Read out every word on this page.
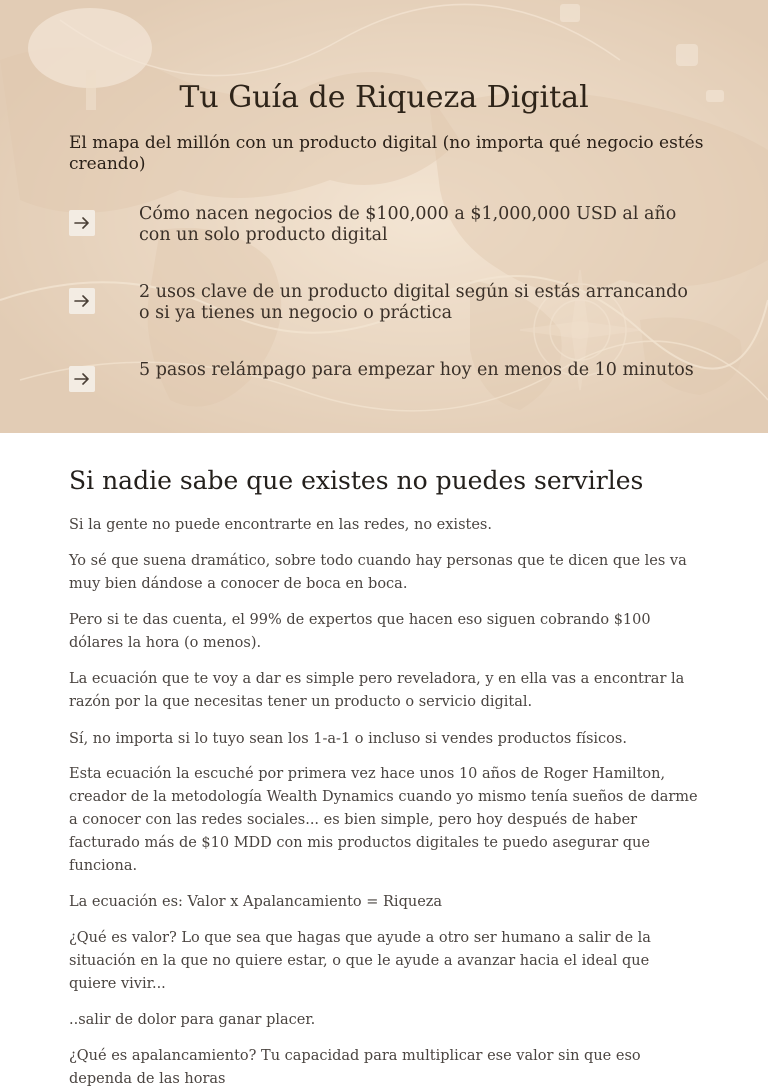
Tu Guía de Riqueza Digital

El mapa del millón con un producto digital (no importa qué negocio estés creando)

Cómo nacen negocios de $100,000 a $1,000,000 USD al año con un solo producto digital
2 usos clave de un producto digital según si estás arrancando o si ya tienes un negocio o práctica
5 pasos relámpago para empezar hoy en menos de 10 minutos
Si nadie sabe que existes no puedes servirles

Si la gente no puede encontrarte en las redes, no existes.

Yo sé que suena dramático, sobre todo cuando hay personas que te dicen que les va muy bien dándose a conocer de boca en boca.

Pero si te das cuenta, el 99% de expertos que hacen eso siguen cobrando $100 dólares la hora (o menos).

La ecuación que te voy a dar es simple pero reveladora, y en ella vas a encontrar la razón por la que necesitas tener un producto o servicio digital.

Sí, no importa si lo tuyo sean los 1-a-1 o incluso si vendes productos físicos.

Esta ecuación la escuché por primera vez hace unos 10 años de Roger Hamilton, creador de la metodología Wealth Dynamics cuando yo mismo tenía sueños de darme a conocer con las redes sociales... es bien simple, pero hoy después de haber facturado más de $10 MDD con mis productos digitales te puedo asegurar que funciona.

La ecuación es: Valor x Apalancamiento = Riqueza

¿Qué es valor? Lo que sea que hagas que ayude a otro ser humano a salir de la situación en la que no quiere estar, o que le ayude a avanzar hacia el ideal que quiere vivir...

..salir de dolor para ganar placer.

¿Qué es apalancamiento? Tu capacidad para multiplicar ese valor sin que eso dependa de las horas
